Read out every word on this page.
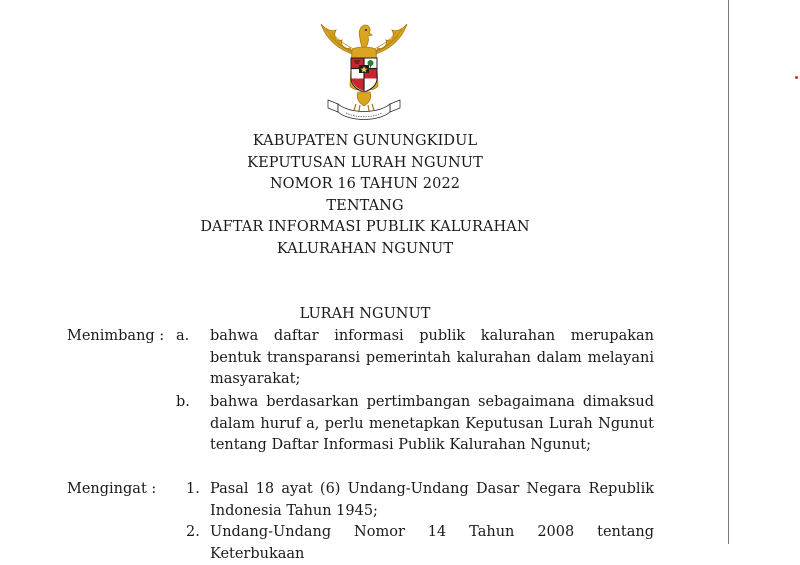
KABUPATEN GUNUNGKIDUL
KEPUTUSAN LURAH NGUNUT
NOMOR 16 TAHUN 2022
TENTANG
DAFTAR INFORMASI PUBLIK KALURAHAN
KALURAHAN NGUNUT
LURAH NGUNUT
Menimbang : a. bahwa daftar informasi publik kalurahan merupakan bentuk transparansi pemerintah kalurahan dalam melayani masyarakat;
b. bahwa berdasarkan pertimbangan sebagaimana dimaksud dalam huruf a, perlu menetapkan Keputusan Lurah Ngunut tentang Daftar Informasi Publik Kalurahan Ngunut;
Mengingat : 1. Pasal 18 ayat (6) Undang-Undang Dasar Negara Republik Indonesia Tahun 1945;
2. Undang-Undang Nomor 14 Tahun 2008 tentang Keterbukaan
